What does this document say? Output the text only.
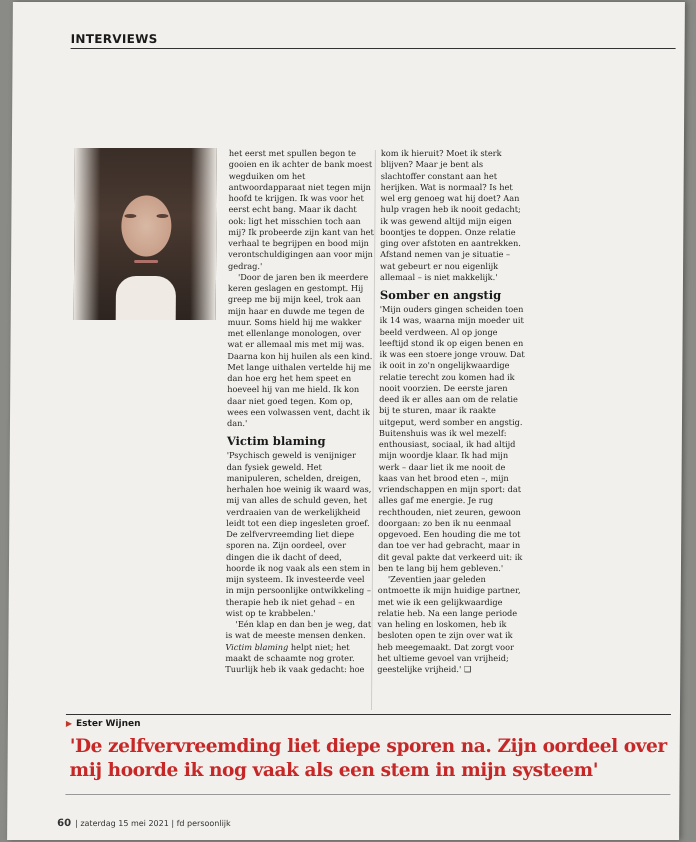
INTERVIEWS

het eerst met spullen begon te gooien en ik achter de bank moest wegduiken om het antwoordapparaat niet tegen mijn hoofd te krijgen. Ik was voor het eerst echt bang. Maar ik dacht ook: ligt het misschien toch aan mij? Ik probeerde zijn kant van het verhaal te begrijpen en bood mijn verontschuldigingen aan voor mijn gedrag.'

'Door de jaren ben ik meerdere keren geslagen en gestompt. Hij greep me bij mijn keel, trok aan mijn haar en duwde me tegen de muur. Soms hield hij me wakker met ellenlange monologen, over wat er allemaal mis met mij was. Daarna kon hij huilen als een kind. Met lange uithalen vertelde hij me dan hoe erg het hem speet en hoeveel hij van me hield. Ik kon daar niet goed tegen. Kom op, wees een volwassen vent, dacht ik dan.'

Victim blaming

'Psychisch geweld is venijniger dan fysiek geweld. Het manipuleren, schelden, dreigen, herhalen hoe weinig ik waard was, mij van alles de schuld geven, het verdraaien van de werkelijkheid leidt tot een diep ingesleten groef. De zelfvervreemding liet diepe sporen na. Zijn oordeel, over dingen die ik dacht of deed, hoorde ik nog vaak als een stem in mijn systeem. Ik investeerde veel in mijn persoonlijke ontwikkeling – therapie heb ik niet gehad – en wist op te krabbelen.'

'Eén klap en dan ben je weg, dat is wat de meeste mensen denken. Victim blaming helpt niet; het maakt de schaamte nog groter. Tuurlijk heb ik vaak gedacht: hoe

kom ik hieruit? Moet ik sterk blijven? Maar je bent als slachtoffer constant aan het herijken. Wat is normaal? Is het wel erg genoeg wat hij doet? Aan hulp vragen heb ik nooit gedacht; ik was gewend altijd mijn eigen boontjes te doppen. Onze relatie ging over afstoten en aantrekken. Afstand nemen van je situatie – wat gebeurt er nou eigenlijk allemaal – is niet makkelijk.'

Somber en angstig

'Mijn ouders gingen scheiden toen ik 14 was, waarna mijn moeder uit beeld verdween. Al op jonge leeftijd stond ik op eigen benen en ik was een stoere jonge vrouw. Dat ik ooit in zo'n ongelijkwaardige relatie terecht zou komen had ik nooit voorzien. De eerste jaren deed ik er alles aan om de relatie bij te sturen, maar ik raakte uitgeput, werd somber en angstig. Buitenshuis was ik wel mezelf: enthousiast, sociaal, ik had altijd mijn woordje klaar. Ik had mijn werk – daar liet ik me nooit de kaas van het brood eten –, mijn vriendschappen en mijn sport: dat alles gaf me energie. Je rug rechthouden, niet zeuren, gewoon doorgaan: zo ben ik nu eenmaal opgevoed. Een houding die me tot dan toe ver had gebracht, maar in dit geval pakte dat verkeerd uit: ik ben te lang bij hem gebleven.'

'Zeventien jaar geleden ontmoette ik mijn huidige partner, met wie ik een gelijkwaardige relatie heb. Na een lange periode van heling en loskomen, heb ik besloten open te zijn over wat ik heb meegemaakt. Dat zorgt voor het ultieme gevoel van vrijheid; geestelijke vrijheid.' ❑

▶ Ester Wijnen
'De zelfvervreemding liet diepe sporen na. Zijn oordeel over mij hoorde ik nog vaak als een stem in mijn systeem'
60 | zaterdag 15 mei 2021 | fd persoonlijk
